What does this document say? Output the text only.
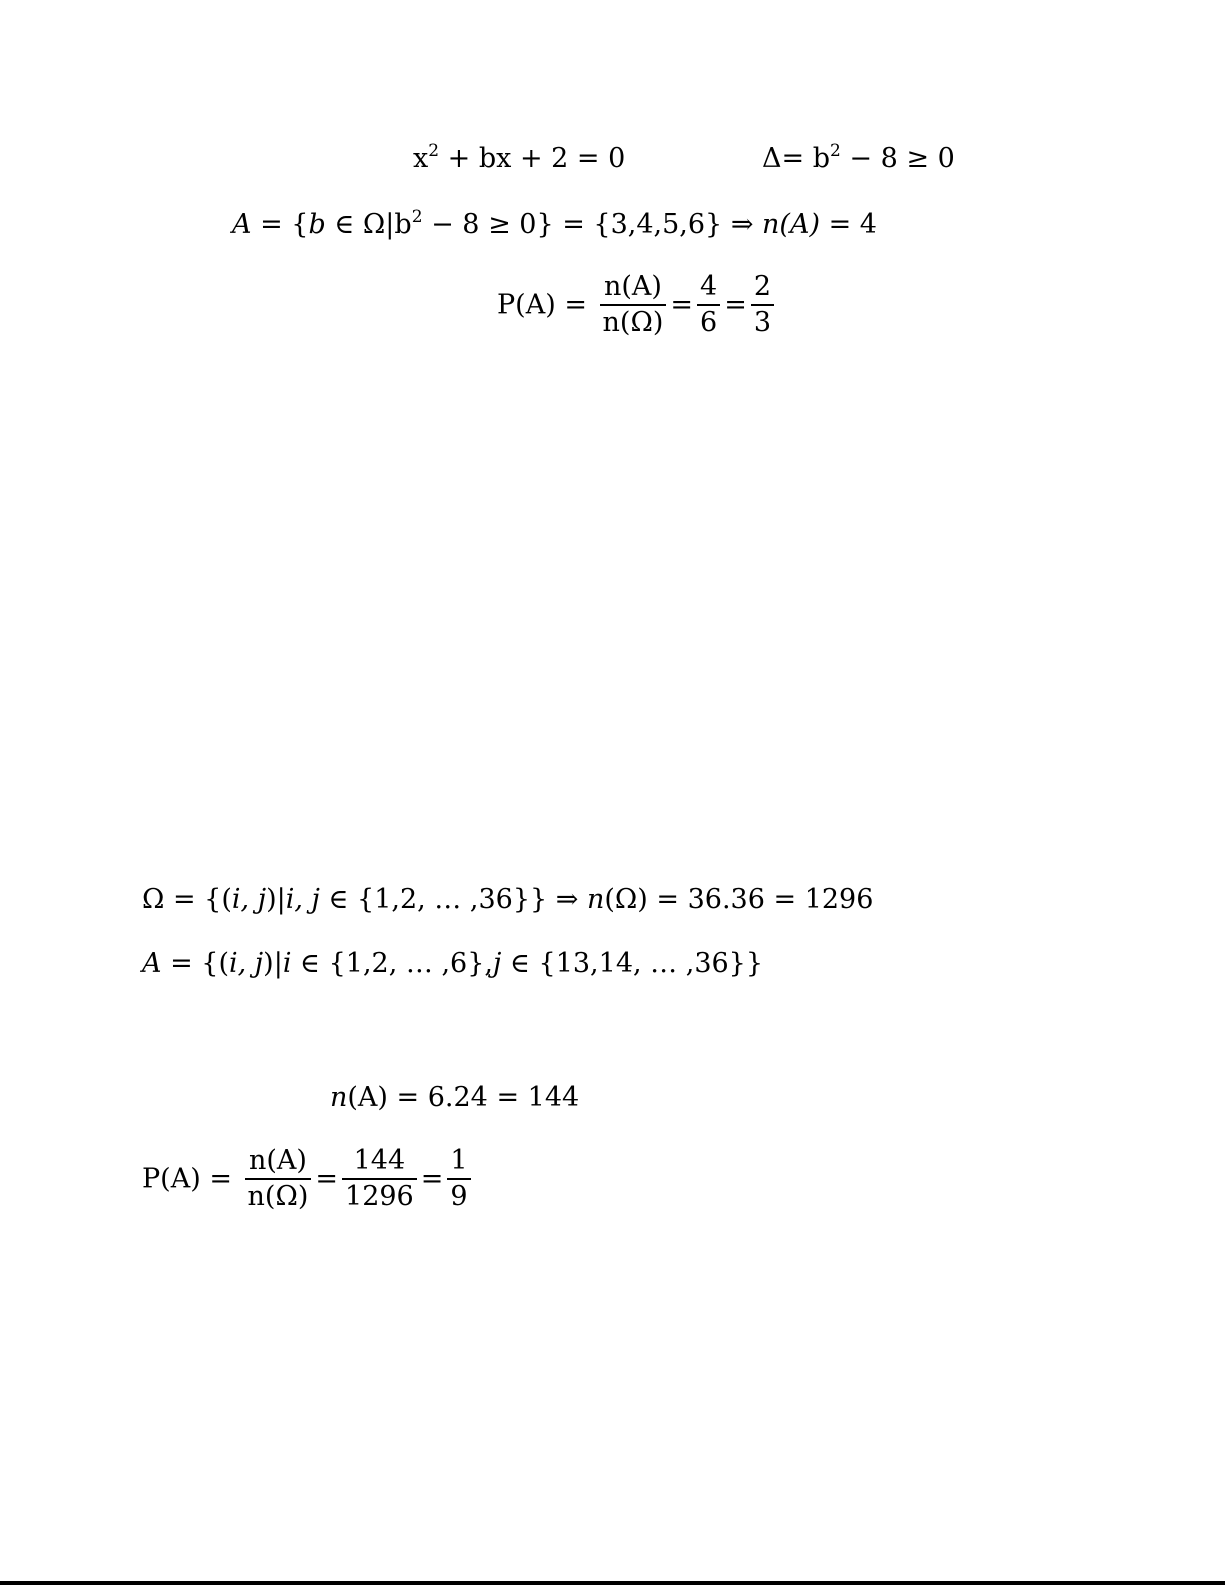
$x^2$ + bx + 2 = 0	$\Delta= b^2 - 8 \ge 0$
A = {b ∈ $\Omega|b^2 - 8 \ge 0\} = \{3,4,5,6\}$ ⇒ n(A) = 4
$P(A) = \frac{n(A)}{n(\Omega)} = \frac{4}{6} = \frac{2}{3}$
Ω = {(i, j)|i, j ∈ {1,2, … ,36}} ⇒ n(Ω) = 36.36 = 1296
A = {(i, j)|i ∈ {1,2, … ,6},j ∈ {13,14, … ,36}}
n(A) = 6.24 = 144
$P(A) = \frac{n(A)}{n(\Omega)} = \frac{144}{1296} = \frac{1}{9}$
